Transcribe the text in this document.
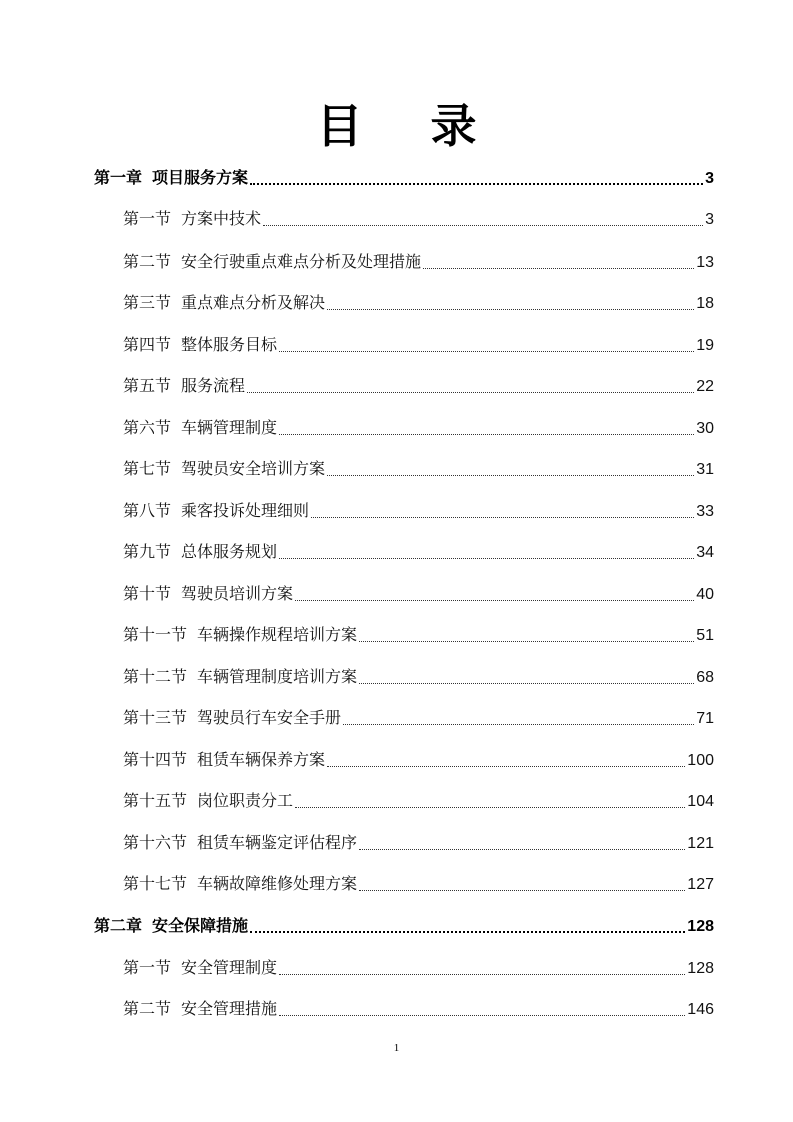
目 录
第一章 项目服务方案	3
第一节 方案中技术	3
第二节 安全行驶重点难点分析及处理措施	13
第三节 重点难点分析及解决	18
第四节 整体服务目标	19
第五节 服务流程	22
第六节 车辆管理制度	30
第七节 驾驶员安全培训方案	31
第八节 乘客投诉处理细则	33
第九节 总体服务规划	34
第十节 驾驶员培训方案	40
第十一节 车辆操作规程培训方案	51
第十二节 车辆管理制度培训方案	68
第十三节 驾驶员行车安全手册	71
第十四节 租赁车辆保养方案	100
第十五节 岗位职责分工	104
第十六节 租赁车辆鉴定评估程序	121
第十七节 车辆故障维修处理方案	127
第二章 安全保障措施	128
第一节 安全管理制度	128
第二节 安全管理措施	146
1
